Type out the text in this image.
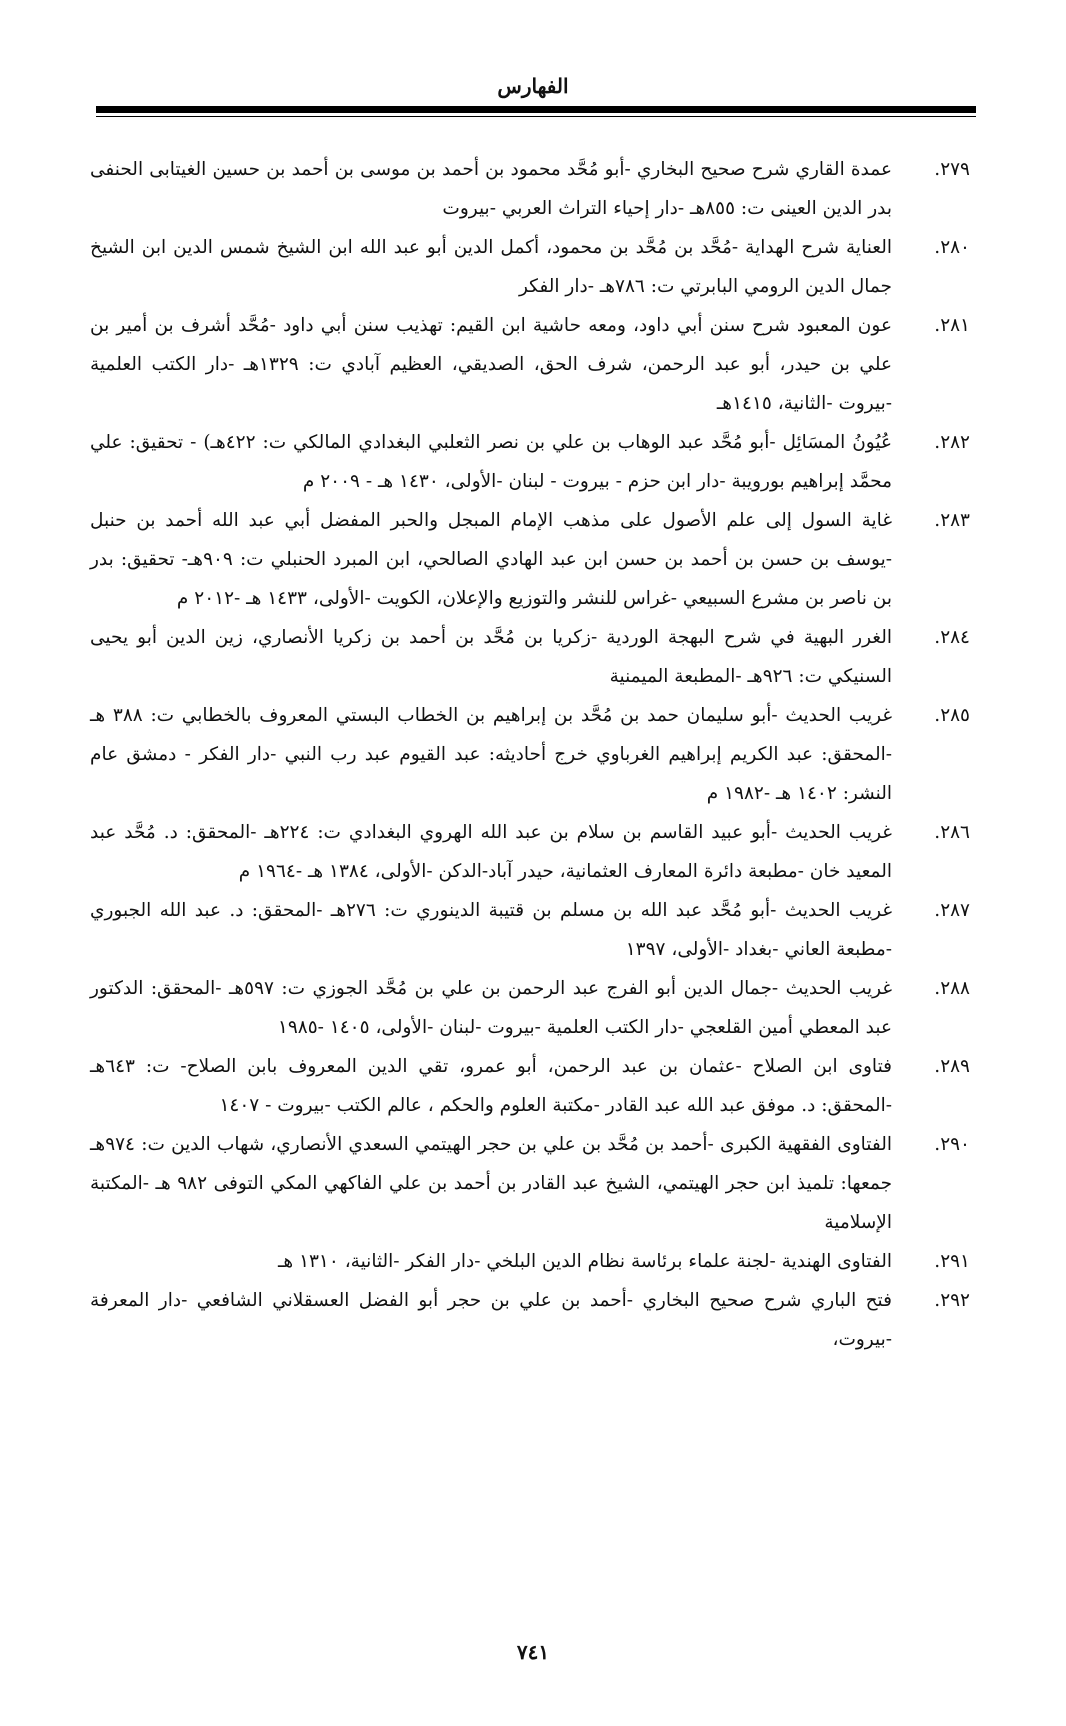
الفهارس
٢٧٩.
عمدة القاري شرح صحيح البخاري -أبو مُحَّد محمود بن أحمد بن موسى بن أحمد بن حسين الغيتابى الحنفى بدر الدين العينى ت: ٨٥٥هـ -دار إحياء التراث العربي -بيروت
٢٨٠.
العناية شرح الهداية -مُحَّد بن مُحَّد بن محمود، أكمل الدين أبو عبد الله ابن الشيخ شمس الدين ابن الشيخ جمال الدين الرومي البابرتي ت: ٧٨٦هـ -دار الفكر
٢٨١.
عون المعبود شرح سنن أبي داود، ومعه حاشية ابن القيم: تهذيب سنن أبي داود -مُحَّد أشرف بن أمير بن علي بن حيدر، أبو عبد الرحمن، شرف الحق، الصديقي، العظيم آبادي ت: ١٣٢٩هـ -دار الكتب العلمية -بيروت -الثانية، ١٤١٥هـ
٢٨٢.
عُيُونُ المسَائِل -أبو مُحَّد عبد الوهاب بن علي بن نصر الثعلبي البغدادي المالكي ت: ٤٢٢هـ) - تحقيق: علي محمَّد إبراهيم بورويبة -دار ابن حزم - بيروت - لبنان -الأولى، ١٤٣٠ هـ - ٢٠٠٩ م
٢٨٣.
غاية السول إلى علم الأصول على مذهب الإمام المبجل والحبر المفضل أبي عبد الله أحمد بن حنبل -يوسف بن حسن بن أحمد بن حسن ابن عبد الهادي الصالحي، ابن المبرد الحنبلي ت: ٩٠٩هـ- تحقيق: بدر بن ناصر بن مشرع السبيعي -غراس للنشر والتوزيع والإعلان، الكويت -الأولى، ١٤٣٣ هـ -٢٠١٢ م
٢٨٤.
الغرر البهية في شرح البهجة الوردية -زكريا بن مُحَّد بن أحمد بن زكريا الأنصاري، زين الدين أبو يحيى السنيكي ت: ٩٢٦هـ -المطبعة الميمنية
٢٨٥.
غريب الحديث -أبو سليمان حمد بن مُحَّد بن إبراهيم بن الخطاب البستي المعروف بالخطابي ت: ٣٨٨ هـ -المحقق: عبد الكريم إبراهيم الغرباوي خرج أحاديثه: عبد القيوم عبد رب النبي -دار الفكر - دمشق عام النشر: ١٤٠٢ هـ -١٩٨٢ م
٢٨٦.
غريب الحديث -أبو عبيد القاسم بن سلام بن عبد الله الهروي البغدادي ت: ٢٢٤هـ -المحقق: د. مُحَّد عبد المعيد خان -مطبعة دائرة المعارف العثمانية، حيدر آباد-الدكن -الأولى، ١٣٨٤ هـ -١٩٦٤ م
٢٨٧.
غريب الحديث -أبو مُحَّد عبد الله بن مسلم بن قتيبة الدينوري ت: ٢٧٦هـ -المحقق: د. عبد الله الجبوري -مطبعة العاني -بغداد -الأولى، ١٣٩٧
٢٨٨.
غريب الحديث -جمال الدين أبو الفرج عبد الرحمن بن علي بن مُحَّد الجوزي ت: ٥٩٧هـ -المحقق: الدكتور عبد المعطي أمين القلعجي -دار الكتب العلمية -بيروت -لبنان -الأولى، ١٤٠٥ -١٩٨٥
٢٨٩.
فتاوى ابن الصلاح -عثمان بن عبد الرحمن، أبو عمرو، تقي الدين المعروف بابن الصلاح- ت: ٦٤٣هـ -المحقق: د. موفق عبد الله عبد القادر -مكتبة العلوم والحكم ، عالم الكتب -بيروت - ١٤٠٧
٢٩٠.
الفتاوى الفقهية الكبرى -أحمد بن مُحَّد بن علي بن حجر الهيتمي السعدي الأنصاري، شهاب الدين ت: ٩٧٤هـ جمعها: تلميذ ابن حجر الهيتمي، الشيخ عبد القادر بن أحمد بن علي الفاكهي المكي التوفى ٩٨٢ هـ -المكتبة الإسلامية
٢٩١.
الفتاوى الهندية -لجنة علماء برئاسة نظام الدين البلخي -دار الفكر -الثانية، ١٣١٠ هـ
٢٩٢.
فتح الباري شرح صحيح البخاري -أحمد بن علي بن حجر أبو الفضل العسقلاني الشافعي -دار المعرفة -بيروت،
٧٤١
